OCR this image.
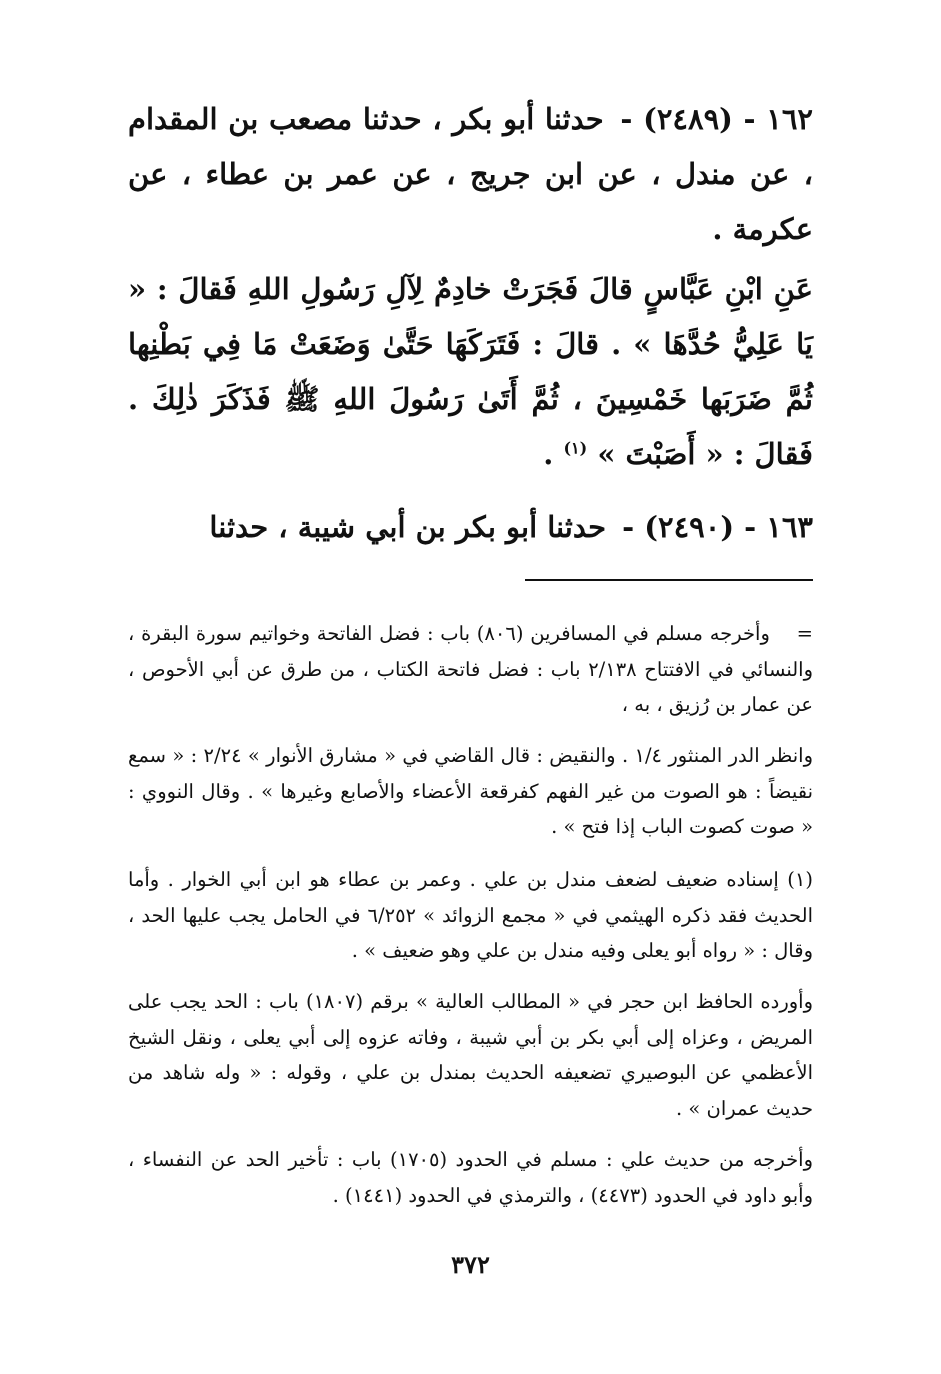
١٦٢ - (٢٤٨٩) - حدثنا أبو بكر ، حدثنا مصعب بن المقدام ، عن مندل ، عن ابن جريج ، عن عمر بن عطاء ، عن عكرمة .
عَنِ ابْنِ عَبَّاسٍ قالَ فَجَرَتْ خادِمٌ لِآلِ رَسُولِ اللهِ فَقالَ : « يَا عَلِيُّ حُدَّهَا » . قالَ : فَتَرَكَهَا حَتَّىٰ وَضَعَتْ مَا فِي بَطْنِها ثُمَّ ضَرَبَها خَمْسِينَ ، ثُمَّ أَتَىٰ رَسُولَ اللهِ ﷺ فَذَكَرَ ذٰلِكَ . فَقالَ : « أَصَبْتَ » $^{(١)}$ .
١٦٣ - (٢٤٩٠) - حدثنا أبو بكر بن أبي شيبة ، حدثنا
= وأخرجه مسلم في المسافرين (٨٠٦) باب : فضل الفاتحة وخواتيم سورة البقرة ، والنسائي في الافتتاح ٢/١٣٨ باب : فضل فاتحة الكتاب ، من طرق عن أبي الأحوص ، عن عمار بن رُزيق ، به ،
وانظر الدر المنثور ١/٤ . والنقيض : قال القاضي في « مشارق الأنوار » ٢/٢٤ : « سمع نقيضاً : هو الصوت من غير الفهم كفرقعة الأعضاء والأصابع وغيرها » . وقال النووي : « صوت كصوت الباب إذا فتح » .
(١) إسناده ضعيف لضعف مندل بن علي . وعمر بن عطاء هو ابن أبي الخوار . وأما الحديث فقد ذكره الهيثمي في « مجمع الزوائد » ٦/٢٥٢ في الحامل يجب عليها الحد ، وقال : « رواه أبو يعلى وفيه مندل بن علي وهو ضعيف » .
وأورده الحافظ ابن حجر في « المطالب العالية » برقم (١٨٠٧) باب : الحد يجب على المريض ، وعزاه إلى أبي بكر بن أبي شيبة ، وفاته عزوه إلى أبي يعلى ، ونقل الشيخ الأعظمي عن البوصيري تضعيفه الحديث بمندل بن علي ، وقوله : « وله شاهد من حديث عمران » .
وأخرجه من حديث علي : مسلم في الحدود (١٧٠٥) باب : تأخير الحد عن النفساء ، وأبو داود في الحدود (٤٤٧٣) ، والترمذي في الحدود (١٤٤١) .
٣٧٢
